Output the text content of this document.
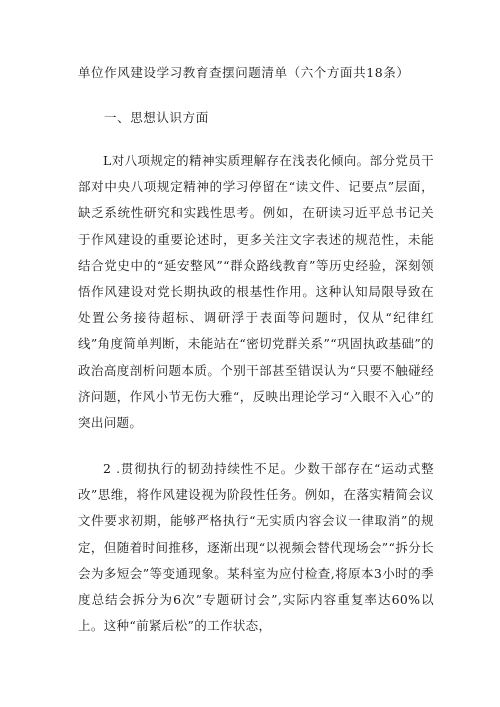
单位作风建设学习教育查摆问题清单（六个方面共18条）
一、思想认识方面

L对八项规定的精神实质理解存在浅表化倾向。部分党员干部对中央八项规定精神的学习停留在“读文件、记要点”层面，缺乏系统性研究和实践性思考。例如，在研读习近平总书记关于作风建设的重要论述时，更多关注文字表述的规范性，未能结合党史中的“延安整风”“群众路线教育”等历史经验，深刻领悟作风建设对党长期执政的根基性作用。这种认知局限导致在处置公务接待超标、调研浮于表面等问题时，仅从“纪律红线”角度简单判断，未能站在“密切党群关系”“巩固执政基础”的政治高度剖析问题本质。个别干部甚至错误认为“只要不触碰经济问题，作风小节无伤大雅“，反映出理论学习“入眼不入心”的突出问题。

2 .贯彻执行的韧劲持续性不足。少数干部存在“运动式整改”思维，将作风建设视为阶段性任务。例如，在落实精简会议文件要求初期，能够严格执行“无实质内容会议一律取消”的规定，但随着时间推移，逐渐出现“以视频会替代现场会”“拆分长会为多短会”等变通现象。某科室为应付检查,将原本3小时的季度总结会拆分为6次”专题研讨会”,实际内容重复率达60%以上。这种“前紧后松”的工作状态，
